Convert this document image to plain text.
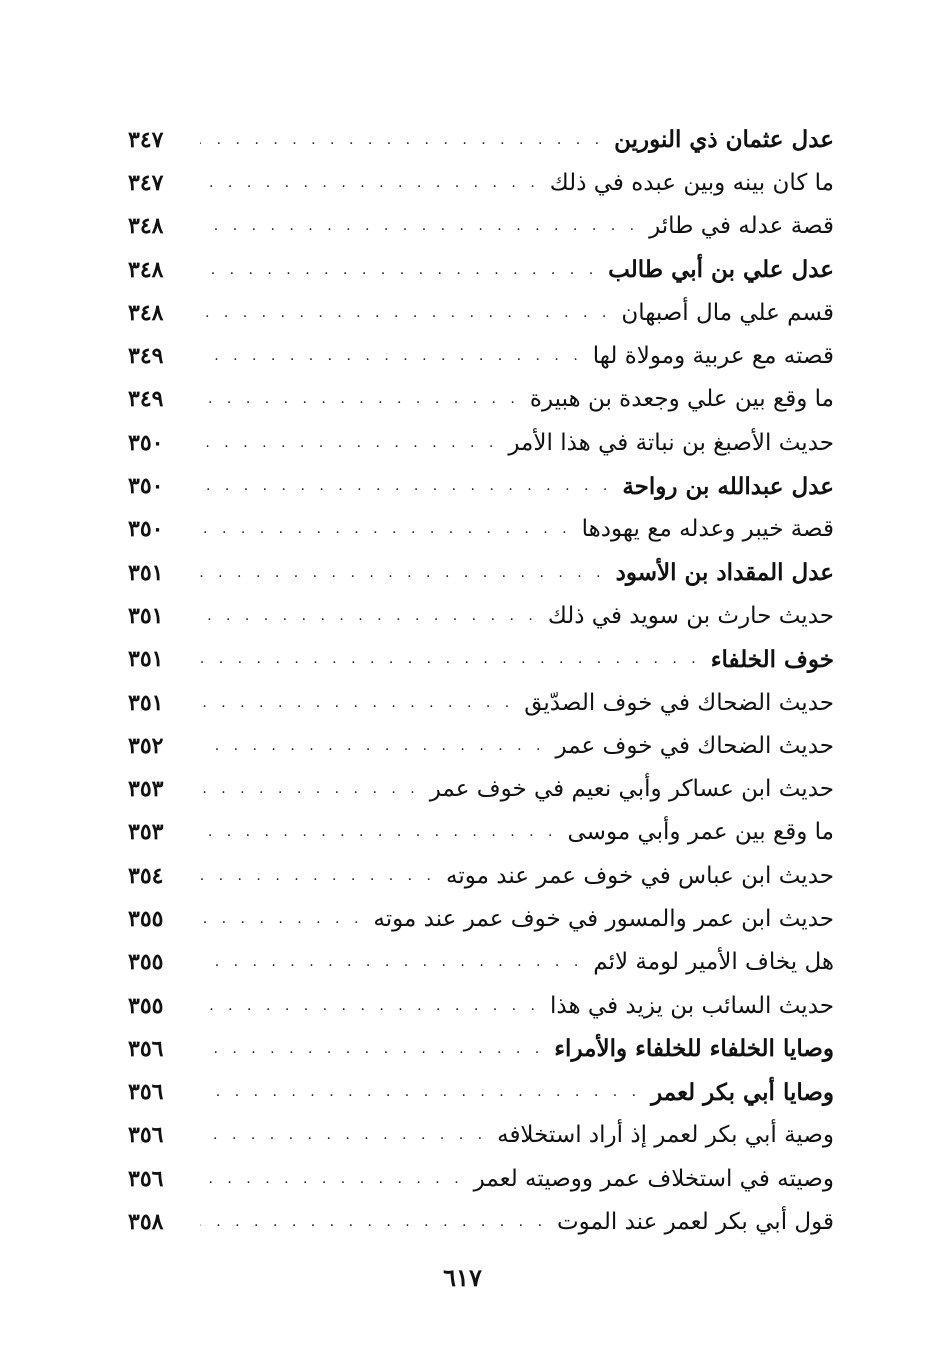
عدل عثمان ذي النورين
. . .
٣٤٧
ما كان بينه وبين عبده في ذلك
. . .
٣٤٧
قصة عدله في طائر
. . .
٣٤٨
عدل علي بن أبي طالب
. . .
٣٤٨
قسم علي مال أصبهان
. . .
٣٤٨
قصته مع عربية ومولاة لها
. . .
٣٤٩
ما وقع بين علي وجعدة بن هبيرة
. . .
٣٤٩
حديث الأصبغ بن نباتة في هذا الأمر
. . .
٣٥٠
عدل عبدالله بن رواحة
. . .
٣٥٠
قصة خيبر وعدله مع يهودها
. . .
٣٥٠
عدل المقداد بن الأسود
. . .
٣٥١
حديث حارث بن سويد في ذلك
. . .
٣٥١
خوف الخلفاء
. . .
٣٥١
حديث الضحاك في خوف الصدّيق
. . .
٣٥١
حديث الضحاك في خوف عمر
. . .
٣٥٢
حديث ابن عساكر وأبي نعيم في خوف عمر
. . .
٣٥٣
ما وقع بين عمر وأبي موسى
. . .
٣٥٣
حديث ابن عباس في خوف عمر عند موته
. . .
٣٥٤
حديث ابن عمر والمسور في خوف عمر عند موته
. . .
٣٥٥
هل يخاف الأمير لومة لائم
. . .
٣٥٥
حديث السائب بن يزيد في هذا
. . .
٣٥٥
وصايا الخلفاء للخلفاء والأمراء
. . .
٣٥٦
وصايا أبي بكر لعمر
. . .
٣٥٦
وصية أبي بكر لعمر إذ أراد استخلافه
. . .
٣٥٦
وصيته في استخلاف عمر ووصيته لعمر
. . .
٣٥٦
قول أبي بكر لعمر عند الموت
. . .
٣٥٨
٦١٧
